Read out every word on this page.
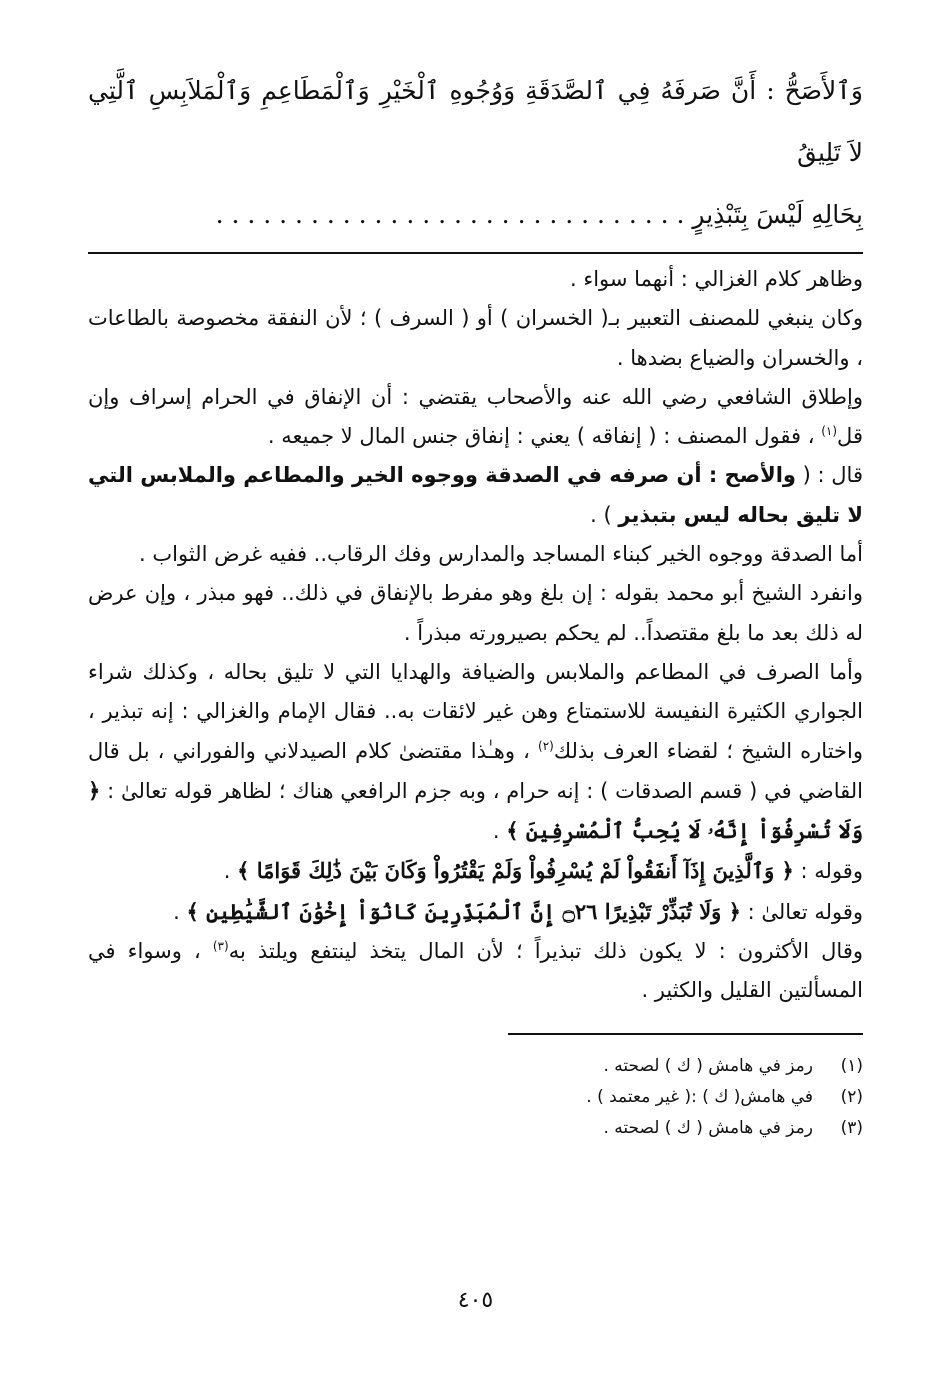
وَٱلأَصَحُّ : أَنَّ صَرفَهُ فِي ٱلصَّدَقَةِ وَوُجُوهِ ٱلْخَيْرِ وَٱلْمَطَاعِمِ وَٱلْمَلاَبِسِ ٱلَّتِي لاَ تَلِيقُ
بِحَالِهِ لَيْسَ بِتَبْذِيرٍ . . . . . . . . . . . . . . . . . . . . . . . . . . . . . .

وظاهر كلام الغزالي : أنهما سواء .

وكان ينبغي للمصنف التعبير بـ( الخسران ) أو ( السرف ) ؛ لأن النفقة مخصوصة بالطاعات ، والخسران والضياع بضدها .

وإطلاق الشافعي رضي الله عنه والأصحاب يقتضي : أن الإنفاق في الحرام إسراف وإن قل$^{(١)}$ ، فقول المصنف : ( إنفاقه ) يعني : إنفاق جنس المال لا جميعه .

قال : ( والأصح : أن صرفه في الصدقة ووجوه الخير والمطاعم والملابس التي لا تليق بحاله ليس بتبذير ) .

أما الصدقة ووجوه الخير كبناء المساجد والمدارس وفك الرقاب.. ففيه غرض الثواب .

وانفرد الشيخ أبو محمد بقوله : إن بلغ وهو مفرط بالإنفاق في ذلك.. فهو مبذر ، وإن عرض له ذلك بعد ما بلغ مقتصداً.. لم يحكم بصيرورته مبذراً .

وأما الصرف في المطاعم والملابس والضيافة والهدايا التي لا تليق بحاله ، وكذلك شراء الجواري الكثيرة النفيسة للاستمتاع وهن غير لائقات به.. فقال الإمام والغزالي : إنه تبذير ، واختاره الشيخ ؛ لقضاء العرف بذلك$^{(٢)}$ ، وهـٰذا مقتضىٰ كلام الصيدلاني والفوراني ، بل قال القاضي في ( قسم الصدقات ) : إنه حرام ، وبه جزم الرافعي هناك ؛ لظاهر قوله تعالىٰ : ﴿ وَلَا تُسْرِفُوٓاْ إِنَّهُۥ لَا يُحِبُّ ٱلْمُسْرِفِينَ ﴾ .

وقوله : ﴿ وَٱلَّذِينَ إِذَآ أَنفَقُواْ لَمْ يُسْرِفُواْ وَلَمْ يَقْتُرُواْ وَكَانَ بَيْنَ ذَٰلِكَ قَوَامًا ﴾ .

وقوله تعالىٰ : ﴿ وَلَا تُبَذِّرْ تَبْذِيرًا ۝٢٦ إِنَّ ٱلْمُبَذِّرِينَ كَانُوٓاْ إِخْوَٰنَ ٱلشَّيَٰطِينِ ﴾ .

وقال الأكثرون : لا يكون ذلك تبذيراً ؛ لأن المال يتخذ لينتفع ويلتذ به$^{(٣)}$ ، وسواء في المسألتين القليل والكثير .

(١)
رمز في هامش ( ك ) لصحته .
(٢)
في هامش( ك ) :( غير معتمد ) .
(٣)
رمز في هامش ( ك ) لصحته .
٤٠٥
